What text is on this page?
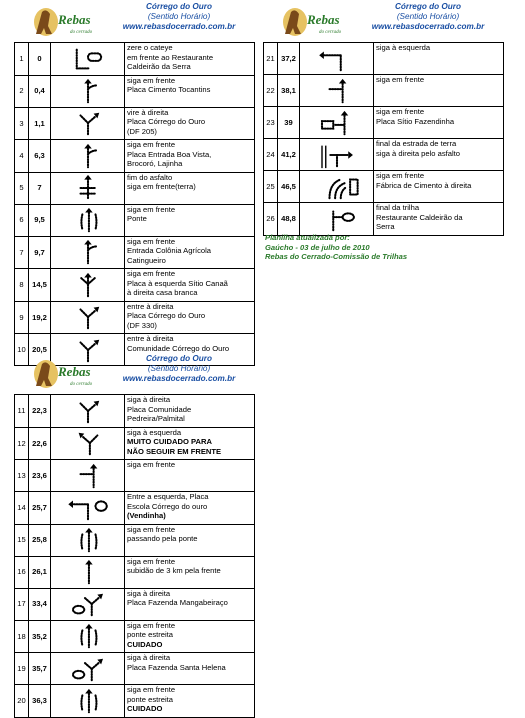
Rebas
do cerrado
Córrego do Ouro
(Sentido Horário)
www.rebasdocerrado.com.br
1	0		zere o cateye
em frente ao Restaurante
Caldeirão da Serra

2	0,4		siga em frente
Placa Cimento Tocantins

3	1,1		vire à direita
Placa Córrego do Ouro
(DF 205)

4	6,3		siga em frente
Placa Entrada Boa Vista,
Brocoró, Lajinha

5	7		fim do asfalto
siga em frente(terra)

6	9,5		siga em frente
Ponte

7	9,7		siga em frente
Entrada Colônia Agrícola
Catingueiro

8	14,5		siga em frente
Placa à esquerda Sítio Canaã
à direita casa branca

9	19,2		entre à direita
Placa Córrego do Ouro
(DF 330)

10	20,5		entre à direita
Comunidade Córrego do Ouro
Rebas
do cerrado
Córrego do Ouro
(Sentido Horário)
www.rebasdocerrado.com.br
21	37,2		siga à esquerda

22	38,1		siga em frente

23	39		siga em frente
Placa Sítio Fazendinha

24	41,2		final da estrada de terra
siga à direita pelo asfalto

25	46,5		siga em frente
Fábrica de Cimento à direita

26	48,8		final da trilha
Restaurante Caldeirão da
Serra
Planilha atualizada por:
Gaúcho - 03 de julho de 2010
Rebas do Cerrado-Comissão de Trilhas
Rebas
do cerrado
Córrego do Ouro
(Sentido Horário)
www.rebasdocerrado.com.br
11	22,3		siga à direita
Placa Comunidade
Pedreira/Palmital

12	22,6		siga à esquerda
MUITO CUIDADO PARA
NÃO SEGUIR EM FRENTE

13	23,6		siga em frente

14	25,7		Entre a esquerda, Placa
Escola Córrego do ouro
(Vendinha)

15	25,8		siga em frente
passando pela ponte

16	26,1		siga em frente
subidão de 3 km pela frente

17	33,4		siga à direita
Placa Fazenda Mangabeiraço

18	35,2		siga em frente
ponte estreita
CUIDADO

19	35,7		siga à direita
Placa Fazenda Santa Helena

20	36,3		siga em frente
ponte estreita
CUIDADO
